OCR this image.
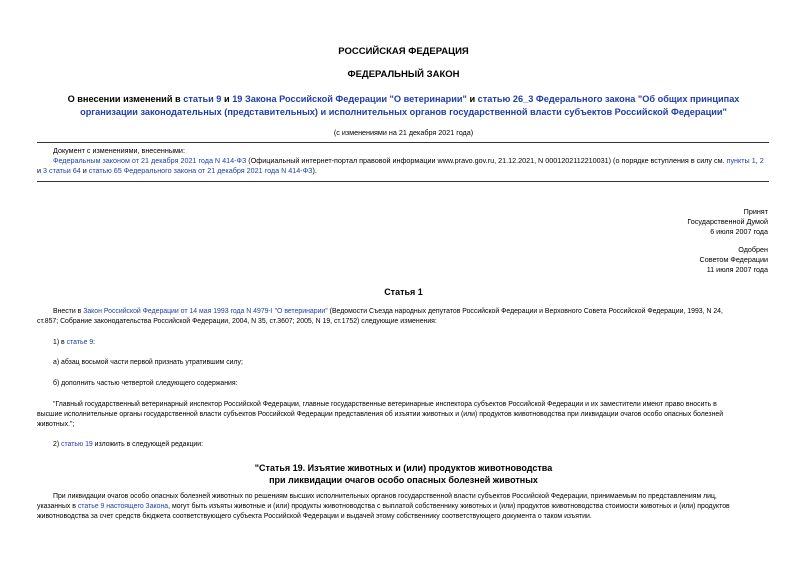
РОССИЙСКАЯ ФЕДЕРАЦИЯ
ФЕДЕРАЛЬНЫЙ ЗАКОН
О внесении изменений в статьи 9 и 19 Закона Российской Федерации "О ветеринарии" и статью 26_3 Федерального закона "Об общих принципах организации законодательных (представительных) и исполнительных органов государственной власти субъектов Российской Федерации"
(с изменениями на 21 декабря 2021 года)
Документ с изменениями, внесенными:
Федеральным законом от 21 декабря 2021 года N 414-ФЗ (Официальный интернет-портал правовой информации www.pravo.gov.ru, 21.12.2021, N 0001202112210031) (о порядке вступления в силу см. пункты 1, 2
и 3 статьи 64 и статью 65 Федерального закона от 21 декабря 2021 года N 414-ФЗ).
Принят
Государственной Думой
6 июля 2007 года
Одобрен
Советом Федерации
11 июля 2007 года
Статья 1
Внести в Закон Российской Федерации от 14 мая 1993 года N 4979-I "О ветеринарии" (Ведомости Съезда народных депутатов Российской Федерации и Верховного Совета Российской Федерации, 1993, N 24,
ст.857; Собрание законодательства Российской Федерации, 2004, N 35, ст.3607; 2005, N 19, ст.1752) следующие изменения:
1) в статье 9:
а) абзац восьмой части первой признать утратившим силу;
б) дополнить частью четвертой следующего содержания:
"Главный государственный ветеринарный инспектор Российской Федерации, главные государственные ветеринарные инспектора субъектов Российской Федерации и их заместители имеют право вносить в
высшие исполнительные органы государственной власти субъектов Российской Федерации представления об изъятии животных и (или) продуктов животноводства при ликвидации очагов особо опасных болезней
животных.";
2) статью 19 изложить в следующей редакции:
"Статья 19. Изъятие животных и (или) продуктов животноводства
при ликвидации очагов особо опасных болезней животных
При ликвидации очагов особо опасных болезней животных по решениям высших исполнительных органов государственной власти субъектов Российской Федерации, принимаемым по представлениям лиц,
указанных в статье 9 настоящего Закона, могут быть изъяты животные и (или) продукты животноводства с выплатой собственнику животных и (или) продуктов животноводства стоимости животных и (или) продуктов
животноводства за счет средств бюджета соответствующего субъекта Российской Федерации и выдачей этому собственнику соответствующего документа о таком изъятии.
